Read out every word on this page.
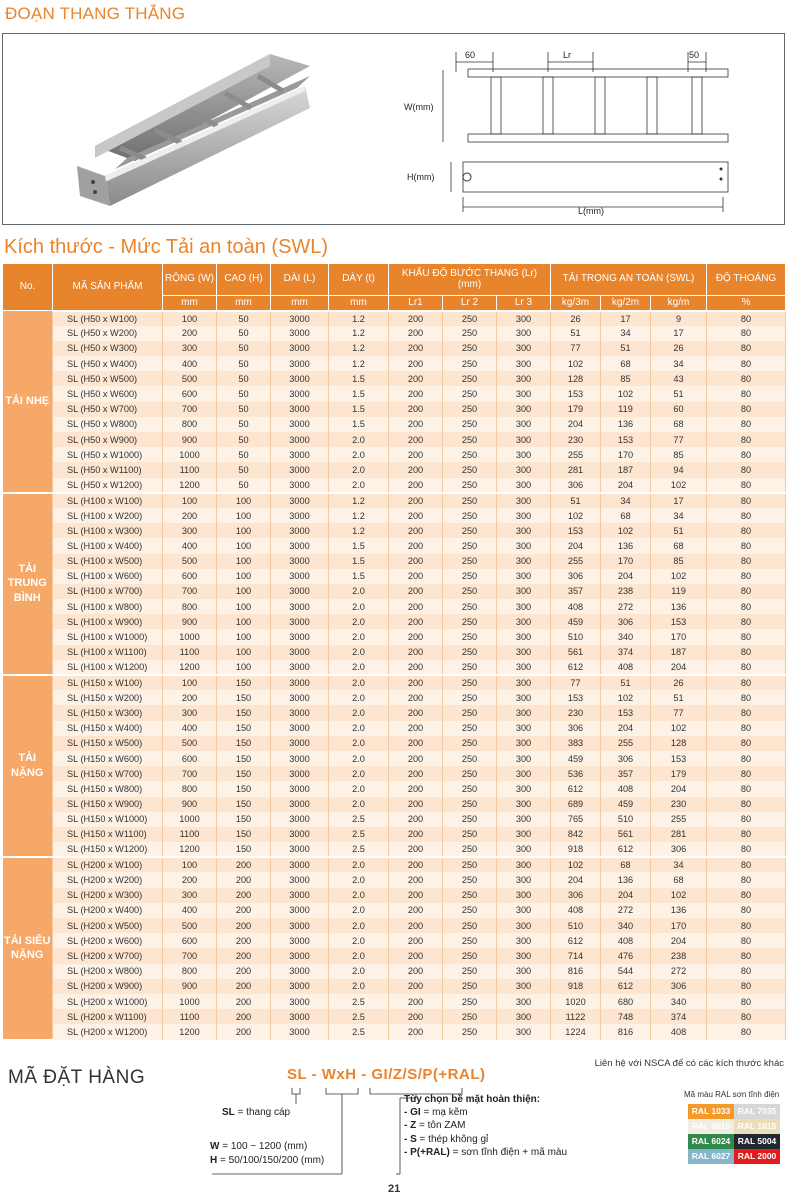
ĐOẠN THANG THẲNG
60	Lr	50
W(mm)
H(mm)
L(mm)
Kích thước - Mức Tải an toàn (SWL)
No.	MÃ SẢN PHẨM	RỘNG (W)	CAO (H)	DÀI (L)	DÀY (t)	KHẨU ĐỘ BƯỚC THANG (Lr) (mm)			TẢI TRỌNG AN TOÀN (SWL)			ĐỘ THOÁNG
		mm	mm	mm	mm	Lr1	Lr 2	Lr 3	kg/3m	kg/2m	kg/m	%
TẢI NHẸ	SL (H50 x W100)	100	50	3000	1.2	200	250	300	26	17	9	80
	SL (H50 x W200)	200	50	3000	1.2	200	250	300	51	34	17	80
	SL (H50 x W300)	300	50	3000	1.2	200	250	300	77	51	26	80
	SL (H50 x W400)	400	50	3000	1.2	200	250	300	102	68	34	80
	SL (H50 x W500)	500	50	3000	1.5	200	250	300	128	85	43	80
	SL (H50 x W600)	600	50	3000	1.5	200	250	300	153	102	51	80
	SL (H50 x W700)	700	50	3000	1.5	200	250	300	179	119	60	80
	SL (H50 x W800)	800	50	3000	1.5	200	250	300	204	136	68	80
	SL (H50 x W900)	900	50	3000	2.0	200	250	300	230	153	77	80
	SL (H50 x W1000)	1000	50	3000	2.0	200	250	300	255	170	85	80
	SL (H50 x W1100)	1100	50	3000	2.0	200	250	300	281	187	94	80
	SL (H50 x W1200)	1200	50	3000	2.0	200	250	300	306	204	102	80
TẢI TRUNG BÌNH	SL (H100 x W100)	100	100	3000	1.2	200	250	300	51	34	17	80
	SL (H100 x W200)	200	100	3000	1.2	200	250	300	102	68	34	80
	SL (H100 x W300)	300	100	3000	1.2	200	250	300	153	102	51	80
	SL (H100 x W400)	400	100	3000	1.5	200	250	300	204	136	68	80
	SL (H100 x W500)	500	100	3000	1.5	200	250	300	255	170	85	80
	SL (H100 x W600)	600	100	3000	1.5	200	250	300	306	204	102	80
	SL (H100 x W700)	700	100	3000	2.0	200	250	300	357	238	119	80
	SL (H100 x W800)	800	100	3000	2.0	200	250	300	408	272	136	80
	SL (H100 x W900)	900	100	3000	2.0	200	250	300	459	306	153	80
	SL (H100 x W1000)	1000	100	3000	2.0	200	250	300	510	340	170	80
	SL (H100 x W1100)	1100	100	3000	2.0	200	250	300	561	374	187	80
	SL (H100 x W1200)	1200	100	3000	2.0	200	250	300	612	408	204	80
TẢI NẶNG	SL (H150 x W100)	100	150	3000	2.0	200	250	300	77	51	26	80
	SL (H150 x W200)	200	150	3000	2.0	200	250	300	153	102	51	80
	SL (H150 x W300)	300	150	3000	2.0	200	250	300	230	153	77	80
	SL (H150 x W400)	400	150	3000	2.0	200	250	300	306	204	102	80
	SL (H150 x W500)	500	150	3000	2.0	200	250	300	383	255	128	80
	SL (H150 x W600)	600	150	3000	2.0	200	250	300	459	306	153	80
	SL (H150 x W700)	700	150	3000	2.0	200	250	300	536	357	179	80
	SL (H150 x W800)	800	150	3000	2.0	200	250	300	612	408	204	80
	SL (H150 x W900)	900	150	3000	2.0	200	250	300	689	459	230	80
	SL (H150 x W1000)	1000	150	3000	2.5	200	250	300	765	510	255	80
	SL (H150 x W1100)	1100	150	3000	2.5	200	250	300	842	561	281	80
	SL (H150 x W1200)	1200	150	3000	2.5	200	250	300	918	612	306	80
TẢI SIÊU NẶNG	SL (H200 x W100)	100	200	3000	2.0	200	250	300	102	68	34	80
	SL (H200 x W200)	200	200	3000	2.0	200	250	300	204	136	68	80
	SL (H200 x W300)	300	200	3000	2.0	200	250	300	306	204	102	80
	SL (H200 x W400)	400	200	3000	2.0	200	250	300	408	272	136	80
	SL (H200 x W500)	500	200	3000	2.0	200	250	300	510	340	170	80
	SL (H200 x W600)	600	200	3000	2.0	200	250	300	612	408	204	80
	SL (H200 x W700)	700	200	3000	2.0	200	250	300	714	476	238	80
	SL (H200 x W800)	800	200	3000	2.0	200	250	300	816	544	272	80
	SL (H200 x W900)	900	200	3000	2.0	200	250	300	918	612	306	80
	SL (H200 x W1000)	1000	200	3000	2.5	200	250	300	1020	680	340	80
	SL (H200 x W1100)	1100	200	3000	2.5	200	250	300	1122	748	374	80
	SL (H200 x W1200)	1200	200	3000	2.5	200	250	300	1224	816	408	80
Liên hệ với NSCA để có các kích thước khác
MÃ ĐẶT HÀNG	SL - WxH - GI/Z/S/P(+RAL)
SL = thang cáp
W = 100 ~ 1200 (mm)
H = 50/100/150/200 (mm)
Tùy chọn bề mặt hoàn thiện:
- GI = mạ kẽm
- Z = tôn ZAM
- S = thép không gỉ
- P(+RAL) = sơn tĩnh điện + mã màu
Mã màu RAL sơn tĩnh điện
RAL 1033 RAL 7035
RAL 9010 RAL 1015
RAL 6024 RAL 5004
RAL 6027 RAL 2000
21
